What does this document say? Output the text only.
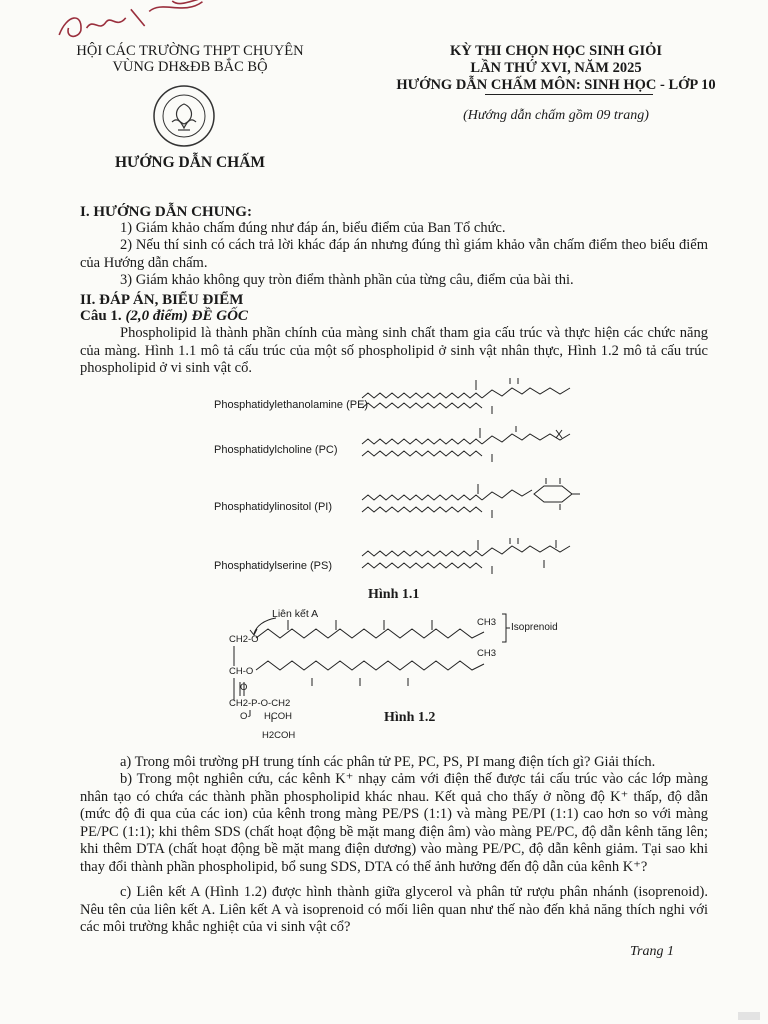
HỘI CÁC TRƯỜNG THPT CHUYÊN
VÙNG DH&ĐB BẮC BỘ
HƯỚNG DẪN CHẤM
KỲ THI CHỌN HỌC SINH GIỎI
LẦN THỨ XVI, NĂM 2025
HƯỚNG DẪN CHẤM MÔN: SINH HỌC - LỚP 10
(Hướng dẫn chấm gồm 09 trang)
I. HƯỚNG DẪN CHUNG:
1) Giám khảo chấm đúng như đáp án, biểu điểm của Ban Tổ chức.
2) Nếu thí sinh có cách trả lời khác đáp án nhưng đúng thì giám khảo vẫn chấm điểm theo biểu điểm của Hướng dẫn chấm.
3) Giám khảo không quy tròn điểm thành phần của từng câu, điểm của bài thi.
II. ĐÁP ÁN, BIỂU ĐIỂM
Câu 1. (2,0 điểm) ĐỀ GỐC
Phospholipid là thành phần chính của màng sinh chất tham gia cấu trúc và thực hiện các chức năng của màng. Hình 1.1 mô tả cấu trúc của một số phospholipid ở sinh vật nhân thực, Hình 1.2 mô tả cấu trúc phospholipid ở vi sinh vật cổ.
Phosphatidylethanolamine (PE)
Phosphatidylcholine (PC)
Phosphatidylinositol (PI)
Phosphatidylserine (PS)
Hình 1.1
Liên kết A
Isoprenoid
CH3
CH3
CH2-O
CH-O
O
CH2-P-O-CH2
O- HCOH
H2COH
Hình 1.2
a) Trong môi trường pH trung tính các phân tử PE, PC, PS, PI mang điện tích gì? Giải thích.
b) Trong một nghiên cứu, các kênh K⁺ nhạy cảm với điện thế được tái cấu trúc vào các lớp màng nhân tạo có chứa các thành phần phospholipid khác nhau. Kết quả cho thấy ở nồng độ K⁺ thấp, độ dẫn (mức độ đi qua của các ion) của kênh trong màng PE/PS (1:1) và màng PE/PI (1:1) cao hơn so với màng PE/PC (1:1); khi thêm SDS (chất hoạt động bề mặt mang điện âm) vào màng PE/PC, độ dẫn kênh tăng lên; khi thêm DTA (chất hoạt động bề mặt mang điện dương) vào màng PE/PC, độ dẫn kênh giảm. Tại sao khi thay đổi thành phần phospholipid, bổ sung SDS, DTA có thể ảnh hưởng đến độ dẫn của kênh K⁺?
c) Liên kết A (Hình 1.2) được hình thành giữa glycerol và phân tử rượu phân nhánh (isoprenoid). Nêu tên của liên kết A. Liên kết A và isoprenoid có mối liên quan như thế nào đến khả năng thích nghi với các môi trường khắc nghiệt của vi sinh vật cổ?
Trang 1
